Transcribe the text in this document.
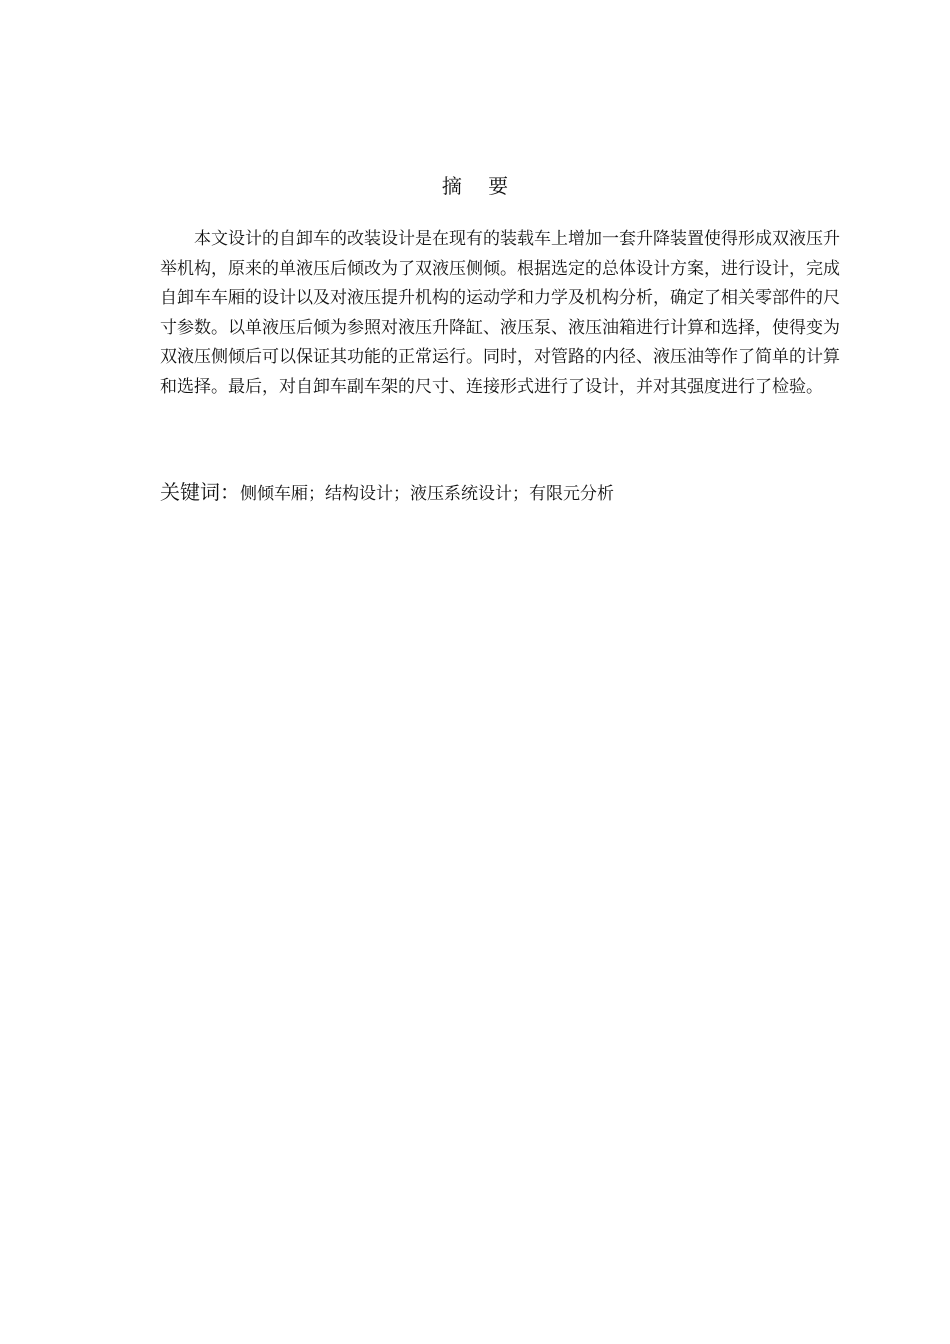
摘 要

本文设计的自卸车的改装设计是在现有的装载车上增加一套升降装置使得形成双液压升举机构，原来的单液压后倾改为了双液压侧倾。根据选定的总体设计方案，进行设计，完成自卸车车厢的设计以及对液压提升机构的运动学和力学及机构分析，确定了相关零部件的尺寸参数。以单液压后倾为参照对液压升降缸、液压泵、液压油箱进行计算和选择，使得变为双液压侧倾后可以保证其功能的正常运行。同时，对管路的内径、液压油等作了简单的计算和选择。最后，对自卸车副车架的尺寸、连接形式进行了设计，并对其强度进行了检验。

关键词：侧倾车厢；结构设计；液压系统设计；有限元分析
